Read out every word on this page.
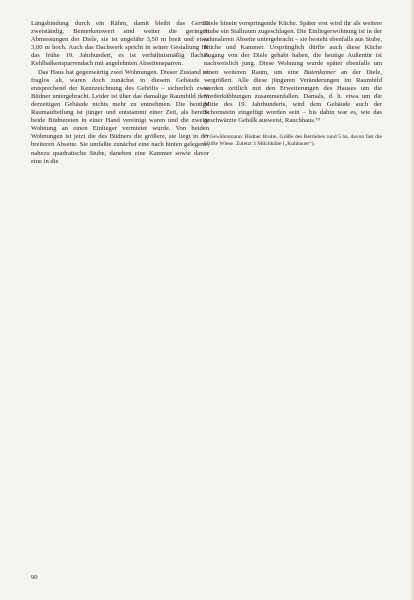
Längsbindung durch ein Rähm, damit bleibt das Gerüst zweiständig. Bemerkenswert sind weiter die geringen Abmessungen der Diele, sie ist ungefähr 3,50 m breit und etwa 3,00 m hoch. Auch das Dachwerk spricht in seiner Gestaltung für das frühe 19. Jahrhundert, es ist verhältnismäßig flaches Kehlbalkensparrendach mit angelehnten Abseitensparren.

Das Haus hat gegenwärtig zwei Wohnungen. Dieser Zustand ist fraglos alt, waren doch zunächst in diesem Gebäude – entsprechend der Kennzeichnung des Gehöfts – sicherlich zwei Büdner untergebracht. Leider ist über das damalige Raumbild dem derzeitigen Gebäude nichts mehr zu entnehmen. Die heutige Raumaufteilung ist jünger und entstammt einer Zeit, als bereits beide Büdnereien in einer Hand vereinigt waren und die zweite Wohnung an einen Einlieger vermietet wurde. Von beiden Wohnungen ist jetzt die des Büdners die größere, sie liegt in der breiteren Abseite. Sie umfaßte zunächst eine nach hinten gelegene, nahezu quadratische Stube, daneben eine Kammer sowie davor eine in die

Diele hinein vorspringende Küche. Später erst wird ihr als weitere Stube ein Stallraum zugeschlagen. Die Einliegerwohnung ist in der schmaleren Abseite untergebracht – sie besteht ebenfalls aus Stube, Küche und Kammer. Ursprünglich dürfte auch diese Küche Zugang von der Diele gehabt haben, die heutige Außentür ist nachweislich jung. Diese Wohnung wurde später ebenfalls um einen weiteren Raum, um eine Butenkamer an der Diele, vergrößert. Alle diese jüngeren Veränderungen im Raumbild werden zeitlich mit den Erweiterungen des Hauses um die Vorderkübbungen zusammenfallen. Damals, d. h. etwa um die Mitte des 19. Jahrhunderts, wird dem Gebäude auch der Schornstein eingefügt worden sein – bis dahin war es, wie das geschwärzte Gebälk ausweist, Rauchhaus.⁷⁹

⁷⁹ Gewährsmann: Büdner Bruhn. Größe des Betriebes rund 5 ha, davon fast die Hälfte Wiese. Zuletzt 3 Milchkühe („Kuhbauer“).
90
